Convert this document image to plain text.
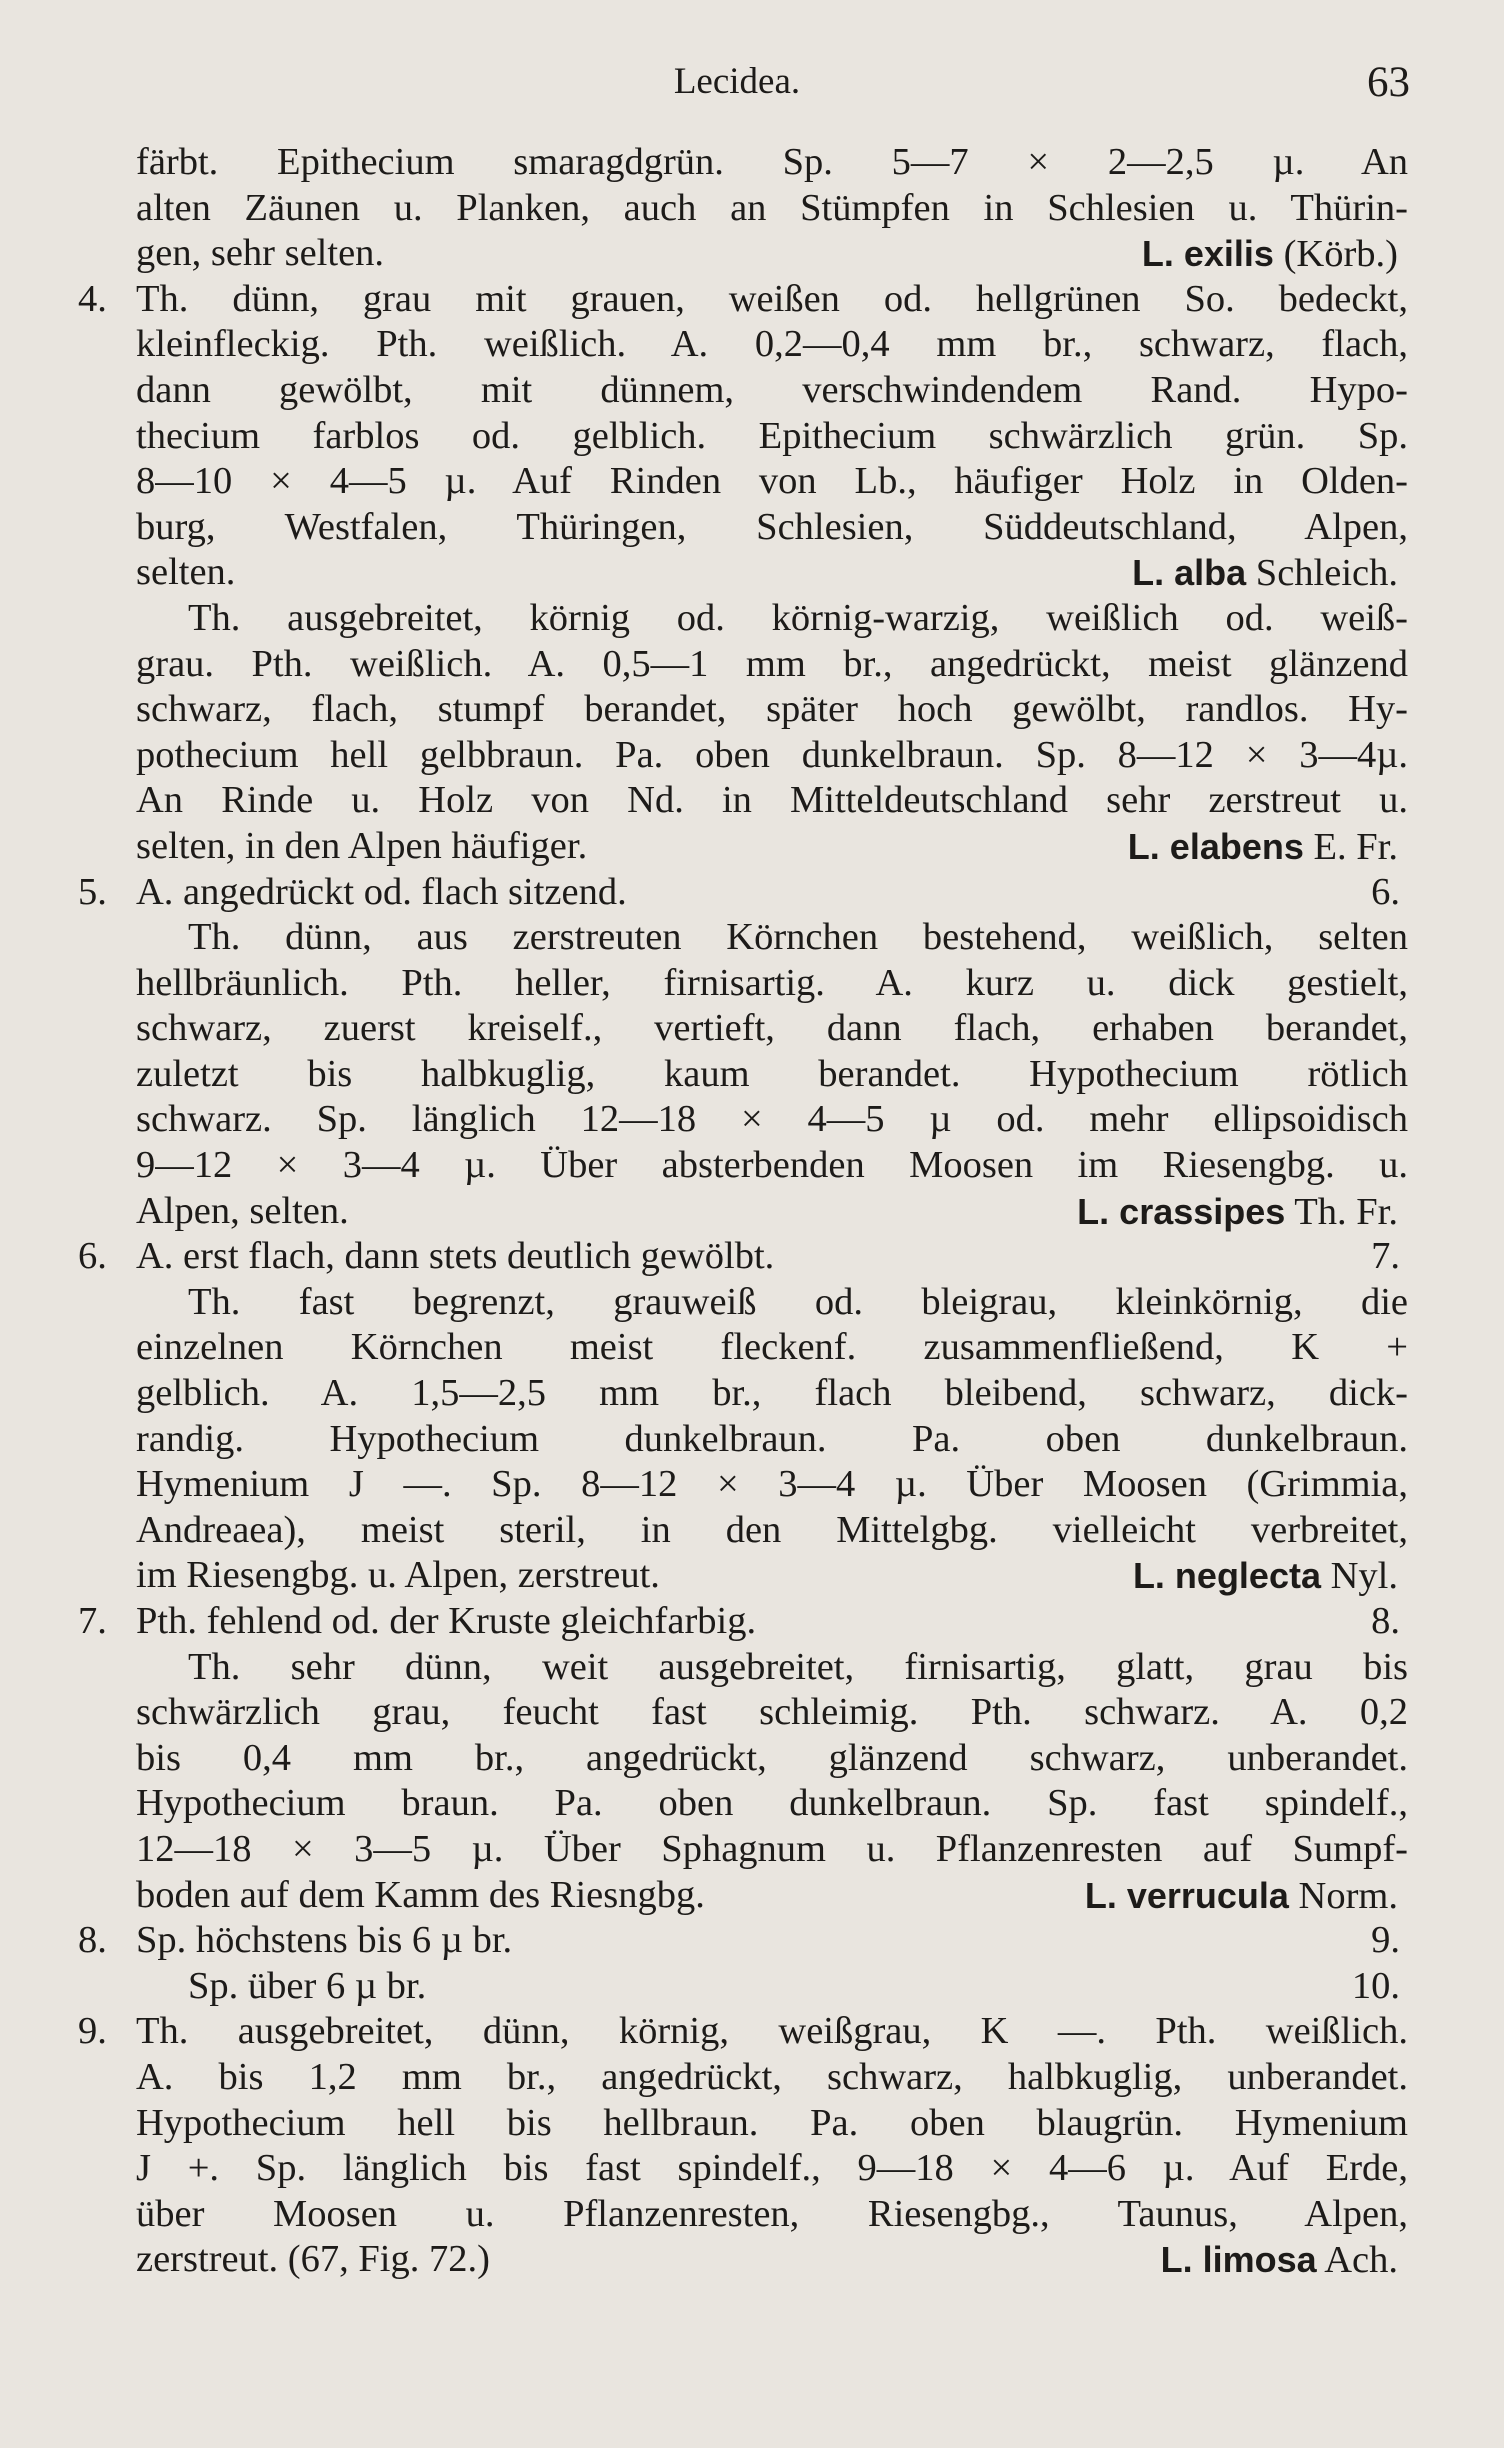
Lecidea.	63
färbt. Epithecium smaragdgrün. Sp. 5—7 × 2—2,5 µ. An
alten Zäunen u. Planken, auch an Stümpfen in Schlesien u. Thürin-
gen, sehr selten.	L. exilis (Körb.)
4. Th. dünn, grau mit grauen, weißen od. hellgrünen So. bedeckt,
kleinfleckig. Pth. weißlich. A. 0,2—0,4 mm br., schwarz, flach,
dann gewölbt, mit dünnem, verschwindendem Rand. Hypo-
thecium farblos od. gelblich. Epithecium schwärzlich grün. Sp.
8—10 × 4—5 µ. Auf Rinden von Lb., häufiger Holz in Olden-
burg, Westfalen, Thüringen, Schlesien, Süddeutschland, Alpen,
selten.	L. alba Schleich.
Th. ausgebreitet, körnig od. körnig-warzig, weißlich od. weiß-
grau. Pth. weißlich. A. 0,5—1 mm br., angedrückt, meist glänzend
schwarz, flach, stumpf berandet, später hoch gewölbt, randlos. Hy-
pothecium hell gelbbraun. Pa. oben dunkelbraun. Sp. 8—12 × 3—4µ.
An Rinde u. Holz von Nd. in Mitteldeutschland sehr zerstreut u.
selten, in den Alpen häufiger.	L. elabens E. Fr.
5. A. angedrückt od. flach sitzend.	6.
Th. dünn, aus zerstreuten Körnchen bestehend, weißlich, selten
hellbräunlich. Pth. heller, firnisartig. A. kurz u. dick gestielt,
schwarz, zuerst kreiself., vertieft, dann flach, erhaben berandet,
zuletzt bis halbkuglig, kaum berandet. Hypothecium rötlich
schwarz. Sp. länglich 12—18 × 4—5 µ od. mehr ellipsoidisch
9—12 × 3—4 µ. Über absterbenden Moosen im Riesengbg. u.
Alpen, selten.	L. crassipes Th. Fr.
6. A. erst flach, dann stets deutlich gewölbt.	7.
Th. fast begrenzt, grauweiß od. bleigrau, kleinkörnig, die
einzelnen Körnchen meist fleckenf. zusammenfließend, K +
gelblich. A. 1,5—2,5 mm br., flach bleibend, schwarz, dick-
randig. Hypothecium dunkelbraun. Pa. oben dunkelbraun.
Hymenium J —. Sp. 8—12 × 3—4 µ. Über Moosen (Grimmia,
Andreaea), meist steril, in den Mittelgbg. vielleicht verbreitet,
im Riesengbg. u. Alpen, zerstreut.	L. neglecta Nyl.
7. Pth. fehlend od. der Kruste gleichfarbig.	8.
Th. sehr dünn, weit ausgebreitet, firnisartig, glatt, grau bis
schwärzlich grau, feucht fast schleimig. Pth. schwarz. A. 0,2
bis 0,4 mm br., angedrückt, glänzend schwarz, unberandet.
Hypothecium braun. Pa. oben dunkelbraun. Sp. fast spindelf.,
12—18 × 3—5 µ. Über Sphagnum u. Pflanzenresten auf Sumpf-
boden auf dem Kamm des Riesngbg.	L. verrucula Norm.
8. Sp. höchstens bis 6 µ br.	9.
Sp. über 6 µ br.	10.
9. Th. ausgebreitet, dünn, körnig, weißgrau, K —. Pth. weißlich.
A. bis 1,2 mm br., angedrückt, schwarz, halbkuglig, unberandet.
Hypothecium hell bis hellbraun. Pa. oben blaugrün. Hymenium
J +. Sp. länglich bis fast spindelf., 9—18 × 4—6 µ. Auf Erde,
über Moosen u. Pflanzenresten, Riesengbg., Taunus, Alpen,
zerstreut. (67, Fig. 72.)	L. limosa Ach.
